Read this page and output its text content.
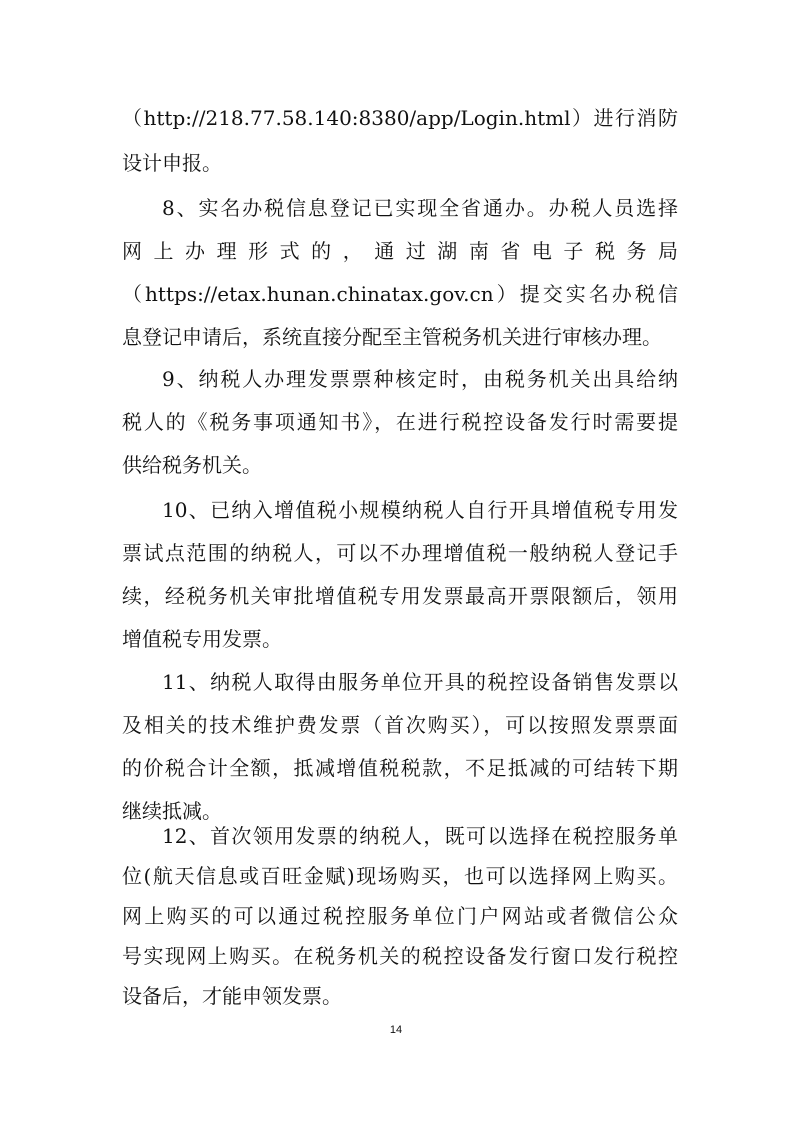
（http://218.77.58.140:8380/app/Login.html）进行消防
设计申报。
8、实名办税信息登记已实现全省通办。办税人员选择
网上办理形式的，通过湖南省电子税务局
（https://etax.hunan.chinatax.gov.cn）提交实名办税信
息登记申请后，系统直接分配至主管税务机关进行审核办理。
9、纳税人办理发票票种核定时，由税务机关出具给纳
税人的《税务事项通知书》，在进行税控设备发行时需要提
供给税务机关。
10、已纳入增值税小规模纳税人自行开具增值税专用发
票试点范围的纳税人，可以不办理增值税一般纳税人登记手
续，经税务机关审批增值税专用发票最高开票限额后，领用
增值税专用发票。
11、纳税人取得由服务单位开具的税控设备销售发票以
及相关的技术维护费发票（首次购买），可以按照发票票面
的价税合计全额，抵减增值税税款，不足抵减的可结转下期
继续抵减。
12、首次领用发票的纳税人，既可以选择在税控服务单
位(航天信息或百旺金赋)现场购买，也可以选择网上购买。
网上购买的可以通过税控服务单位门户网站或者微信公众
号实现网上购买。在税务机关的税控设备发行窗口发行税控
14
设备后，才能申领发票。
